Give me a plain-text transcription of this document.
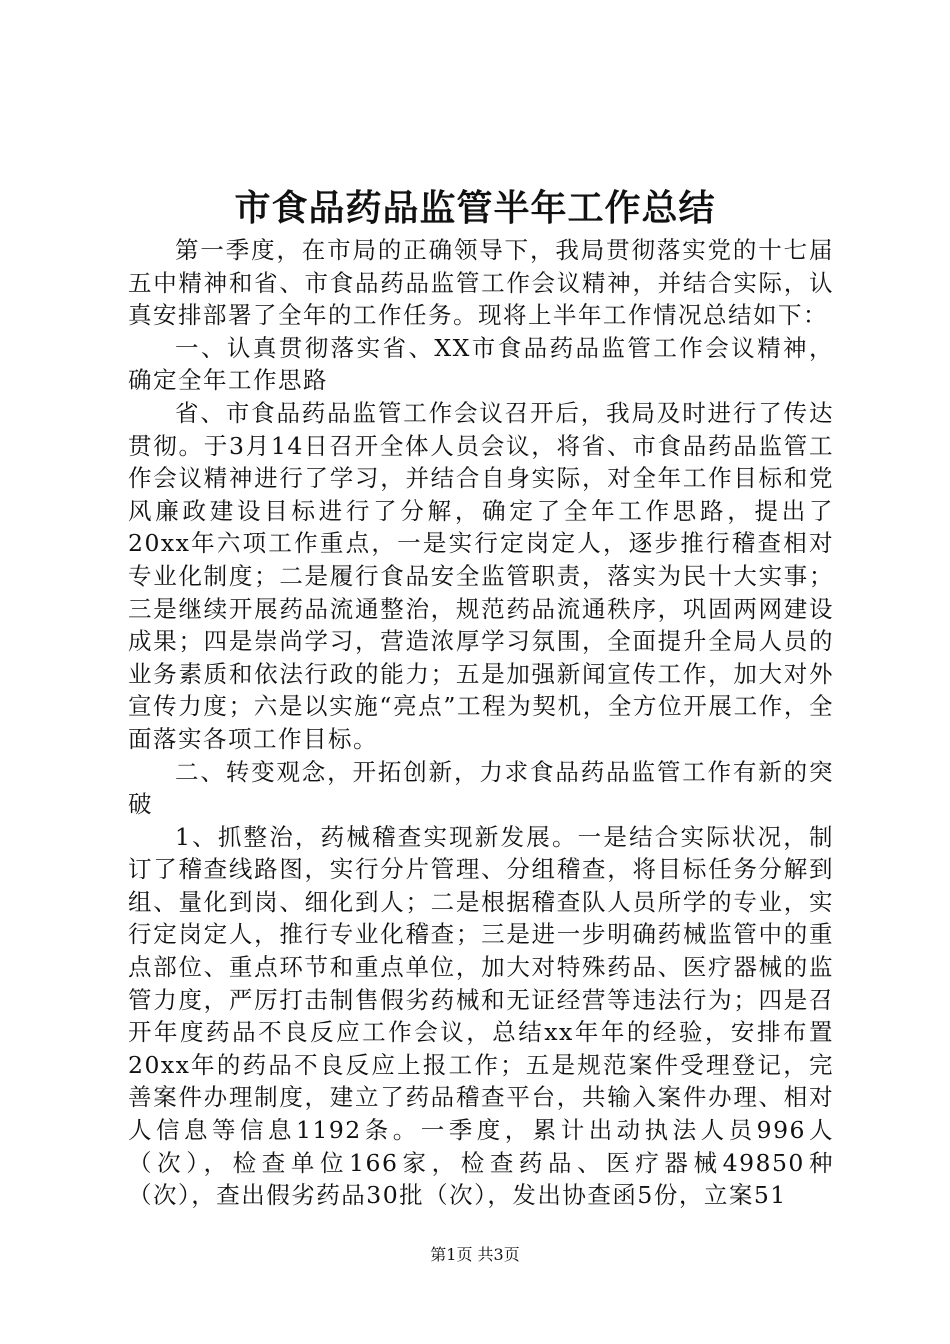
市食品药品监管半年工作总结

第一季度，在市局的正确领导下，我局贯彻落实党的十七届五中精神和省、市食品药品监管工作会议精神，并结合实际，认真安排部署了全年的工作任务。现将上半年工作情况总结如下：

一、认真贯彻落实省、XX市食品药品监管工作会议精神，确定全年工作思路

省、市食品药品监管工作会议召开后，我局及时进行了传达贯彻。于3月14日召开全体人员会议，将省、市食品药品监管工作会议精神进行了学习，并结合自身实际，对全年工作目标和党风廉政建设目标进行了分解，确定了全年工作思路，提出了20xx年六项工作重点，一是实行定岗定人，逐步推行稽查相对专业化制度；二是履行食品安全监管职责，落实为民十大实事；三是继续开展药品流通整治，规范药品流通秩序，巩固两网建设成果；四是崇尚学习，营造浓厚学习氛围，全面提升全局人员的业务素质和依法行政的能力；五是加强新闻宣传工作，加大对外宣传力度；六是以实施“亮点”工程为契机，全方位开展工作，全面落实各项工作目标。

二、转变观念，开拓创新，力求食品药品监管工作有新的突破

1、抓整治，药械稽查实现新发展。一是结合实际状况，制订了稽查线路图，实行分片管理、分组稽查，将目标任务分解到组、量化到岗、细化到人；二是根据稽查队人员所学的专业，实行定岗定人，推行专业化稽查；三是进一步明确药械监管中的重点部位、重点环节和重点单位，加大对特殊药品、医疗器械的监管力度，严厉打击制售假劣药械和无证经营等违法行为；四是召开年度药品不良反应工作会议，总结xx年年的经验，安排布置20xx年的药品不良反应上报工作；五是规范案件受理登记，完善案件办理制度，建立了药品稽查平台，共输入案件办理、相对人信息等信息1192条。一季度，累计出动执法人员996人（次），检查单位166家，检查药品、医疗器械49850种（次），查出假劣药品30批（次），发出协查函5份，立案51

第1页 共3页
